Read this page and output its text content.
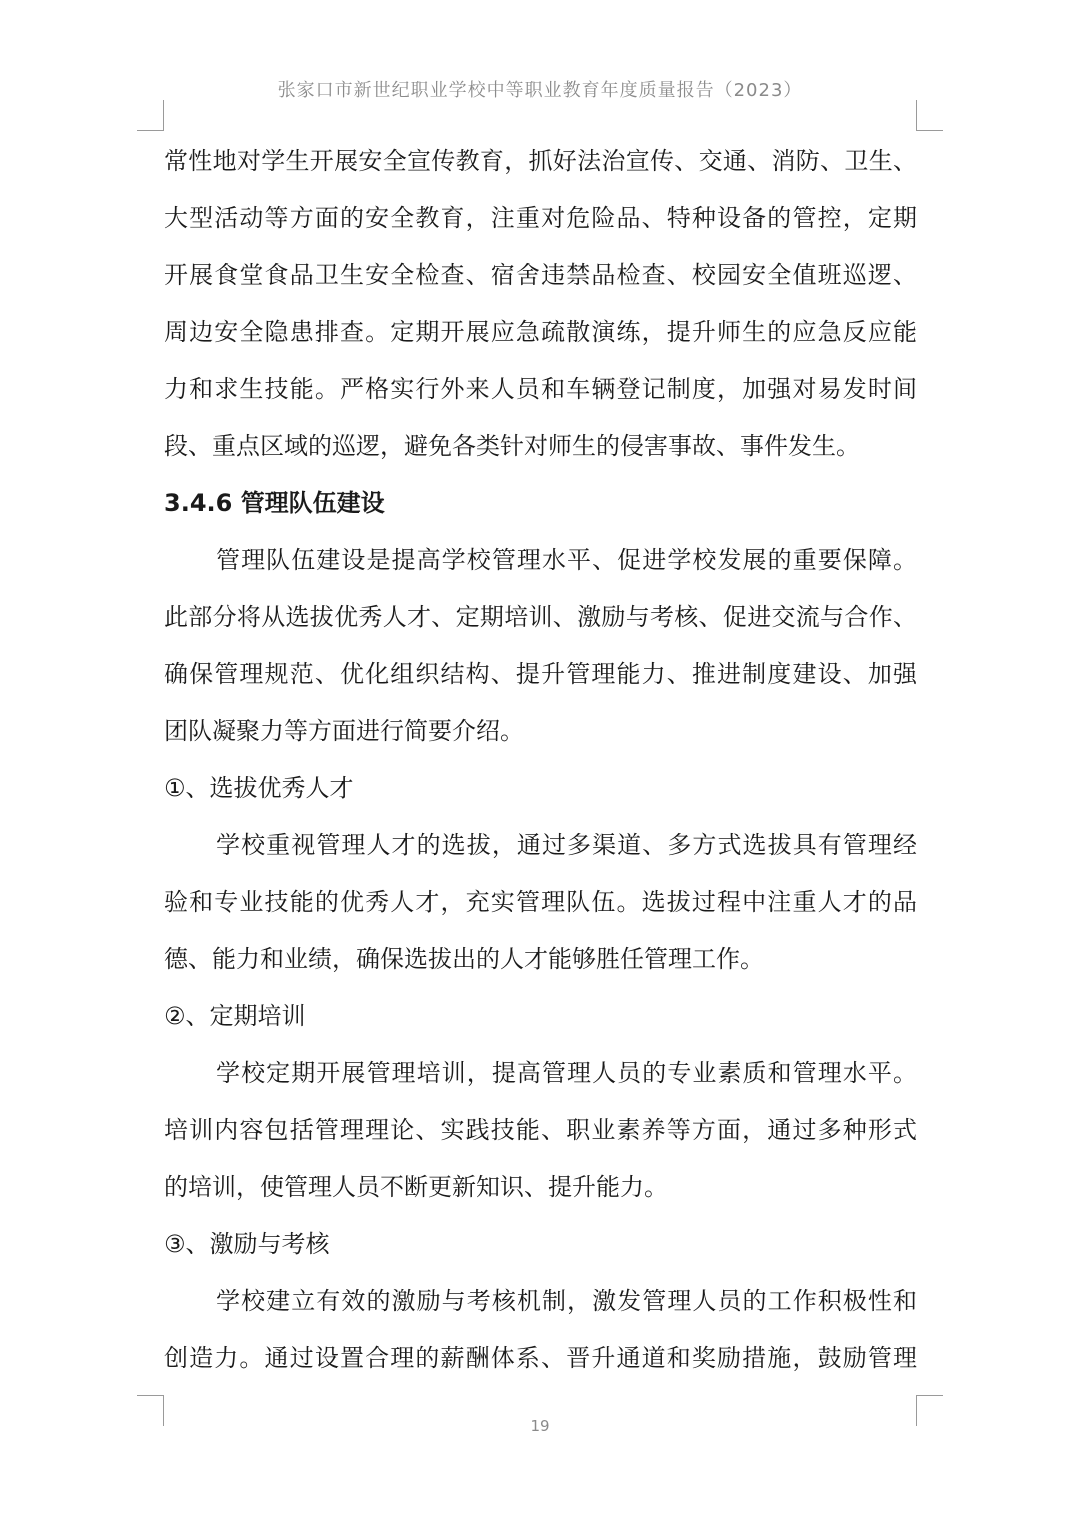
张家口市新世纪职业学校中等职业教育年度质量报告（2023）
常性地对学生开展安全宣传教育，抓好法治宣传、交通、消防、卫生、
大型活动等方面的安全教育，注重对危险品、特种设备的管控，定期
开展食堂食品卫生安全检查、宿舍违禁品检查、校园安全值班巡逻、
周边安全隐患排查。定期开展应急疏散演练，提升师生的应急反应能
力和求生技能。严格实行外来人员和车辆登记制度，加强对易发时间
段、重点区域的巡逻，避免各类针对师生的侵害事故、事件发生。
3.4.6 管理队伍建设
管理队伍建设是提高学校管理水平、促进学校发展的重要保障。
此部分将从选拔优秀人才、定期培训、激励与考核、促进交流与合作、
确保管理规范、优化组织结构、提升管理能力、推进制度建设、加强
团队凝聚力等方面进行简要介绍。
①、选拔优秀人才
学校重视管理人才的选拔，通过多渠道、多方式选拔具有管理经
验和专业技能的优秀人才，充实管理队伍。选拔过程中注重人才的品
德、能力和业绩，确保选拔出的人才能够胜任管理工作。
②、定期培训
学校定期开展管理培训，提高管理人员的专业素质和管理水平。
培训内容包括管理理论、实践技能、职业素养等方面，通过多种形式
的培训，使管理人员不断更新知识、提升能力。
③、激励与考核
学校建立有效的激励与考核机制，激发管理人员的工作积极性和
创造力。通过设置合理的薪酬体系、晋升通道和奖励措施，鼓励管理
19
